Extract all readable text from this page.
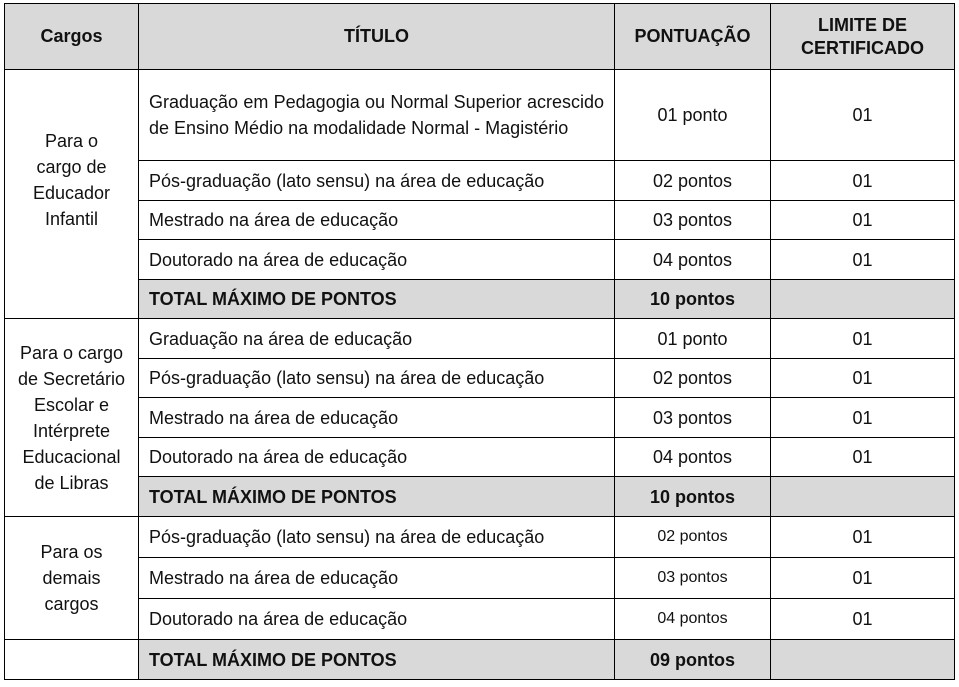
Cargos	TÍTULO	PONTUAÇÃO	LIMITE DE CERTIFICADO

Para o cargo de Educador Infantil	Graduação em Pedagogia ou Normal Superior acrescido de Ensino Médio na modalidade Normal - Magistério	01 ponto	01
	Pós-graduação (lato sensu) na área de educação	02 pontos	01
	Mestrado na área de educação	03 pontos	01
	Doutorado na área de educação	04 pontos	01
	TOTAL MÁXIMO DE PONTOS	10 pontos	

Para o cargo de Secretário Escolar e Intérprete Educacional de Libras	Graduação na área de educação	01 ponto	01
	Pós-graduação (lato sensu) na área de educação	02 pontos	01
	Mestrado na área de educação	03 pontos	01
	Doutorado na área de educação	04 pontos	01
	TOTAL MÁXIMO DE PONTOS	10 pontos	

Para os demais cargos	Pós-graduação (lato sensu) na área de educação	02 pontos	01
	Mestrado na área de educação	03 pontos	01
	Doutorado na área de educação	04 pontos	01
	TOTAL MÁXIMO DE PONTOS	09 pontos	
